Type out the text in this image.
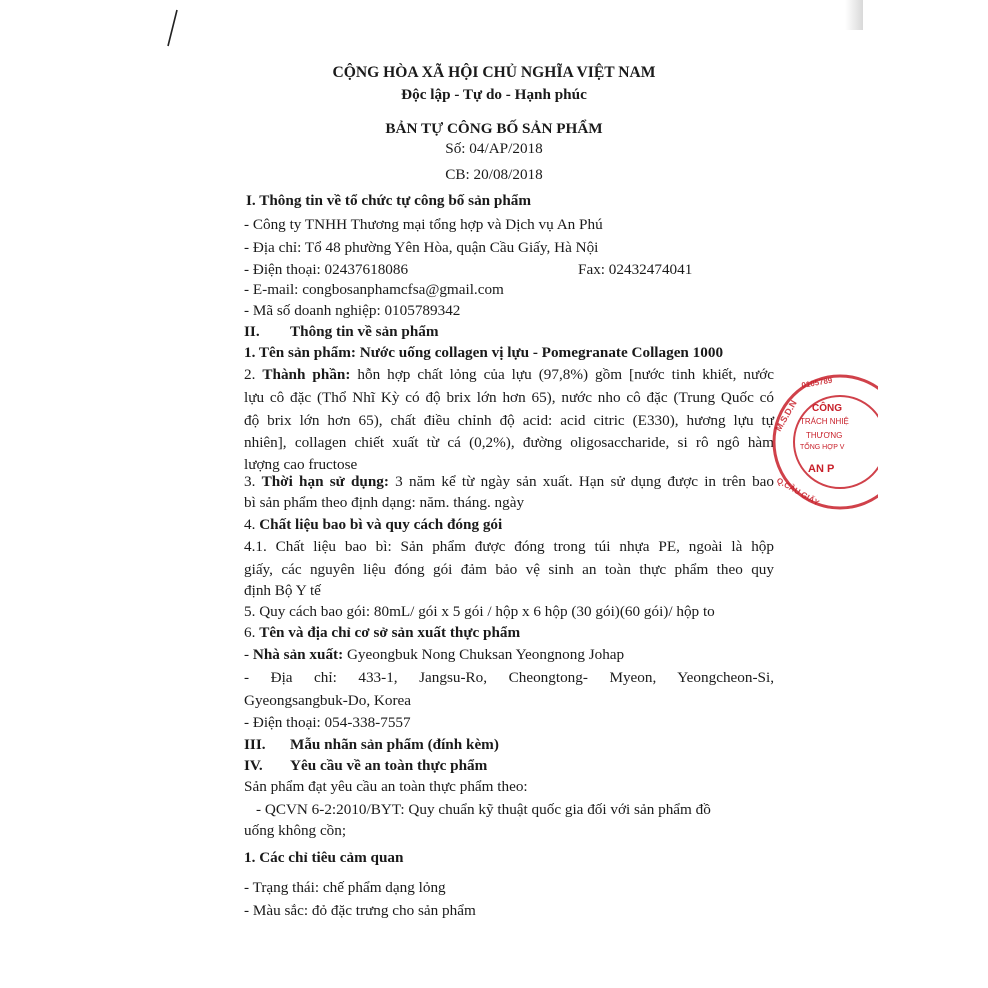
CỘNG HÒA XÃ HỘI CHỦ NGHĨA VIỆT NAM
Độc lập - Tự do - Hạnh phúc
BẢN TỰ CÔNG BỐ SẢN PHẨM
Số: 04/AP/2018
CB: 20/08/2018
I. Thông tin về tổ chức tự công bố sản phẩm
- Công ty TNHH Thương mại tổng hợp và Dịch vụ An Phú
- Địa chỉ: Tổ 48 phường Yên Hòa, quận Cầu Giấy, Hà Nội
- Điện thoại: 02437618086	Fax: 02432474041
- E-mail: congbosanphamcfsa@gmail.com
- Mã số doanh nghiệp: 0105789342
II. Thông tin về sản phẩm
1. Tên sản phẩm: Nước uống collagen vị lựu - Pomegranate Collagen 1000
2. Thành phần: hỗn hợp chất lỏng của lựu (97,8%) gồm [nước tinh khiết, nước
lựu cô đặc (Thổ Nhĩ Kỳ có độ brix lớn hơn 65), nước nho cô đặc (Trung Quốc có
độ brix lớn hơn 65), chất điều chỉnh độ acid: acid citric (E330), hương lựu tự
nhiên], collagen chiết xuất từ cá (0,2%), đường oligosaccharide, si rô ngô hàm
lượng cao fructose
3. Thời hạn sử dụng: 3 năm kể từ ngày sản xuất. Hạn sử dụng được in trên bao
bì sản phẩm theo định dạng: năm. tháng. ngày
4. Chất liệu bao bì và quy cách đóng gói
4.1. Chất liệu bao bì: Sản phẩm được đóng trong túi nhựa PE, ngoài là hộp
giấy, các nguyên liệu đóng gói đảm bảo vệ sinh an toàn thực phẩm theo quy
định Bộ Y tế
5. Quy cách bao gói: 80mL/ gói x 5 gói / hộp x 6 hộp (30 gói)(60 gói)/ hộp to
6. Tên và địa chỉ cơ sở sản xuất thực phẩm
- Nhà sản xuất: Gyeongbuk Nong Chuksan Yeongnong Johap
- Địa chỉ: 433-1, Jangsu-Ro, Cheongtong- Myeon, Yeongcheon-Si,
Gyeongsangbuk-Do, Korea
- Điện thoại: 054-338-7557
III. Mẫu nhãn sản phẩm (đính kèm)
IV. Yêu cầu về an toàn thực phẩm
Sản phẩm đạt yêu cầu an toàn thực phẩm theo:
- QCVN 6-2:2010/BYT: Quy chuẩn kỹ thuật quốc gia đối với sản phẩm đồ
uống không cồn;
1. Các chỉ tiêu cảm quan
- Trạng thái: chế phẩm dạng lỏng
- Màu sắc: đỏ đặc trưng cho sản phẩm
M.S.D.N
0105789
Q.CẦU GIẤY
CÔNG
TRÁCH NHIỆ
THƯƠNG
TỔNG HỢP V
AN P
